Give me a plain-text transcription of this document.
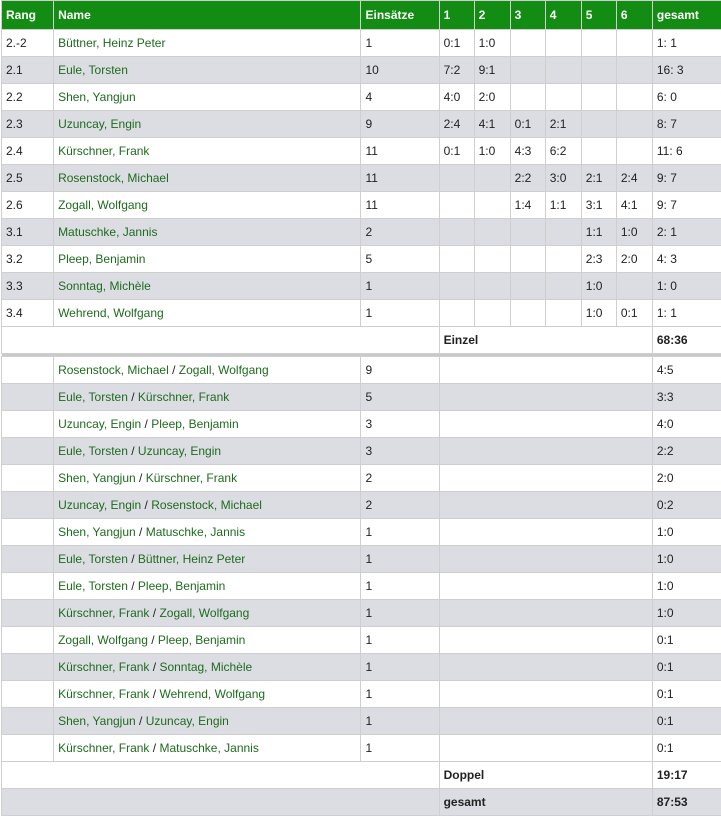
Rang	Name	Einsätze	1	2	3	4	5	6	gesamt
2.-2	Büttner, Heinz Peter	1	0:1	1:0					1: 1
2.1	Eule, Torsten	10	7:2	9:1					16: 3
2.2	Shen, Yangjun	4	4:0	2:0					6: 0
2.3	Uzuncay, Engin	9	2:4	4:1	0:1	2:1			8: 7
2.4	Kürschner, Frank	11	0:1	1:0	4:3	6:2			11: 6
2.5	Rosenstock, Michael	11			2:2	3:0	2:1	2:4	9: 7
2.6	Zogall, Wolfgang	11			1:4	1:1	3:1	4:1	9: 7
3.1	Matuschke, Jannis	2					1:1	1:0	2: 1
3.2	Pleep, Benjamin	5					2:3	2:0	4: 3
3.3	Sonntag, Michèle	1					1:0		1: 0
3.4	Wehrend, Wolfgang	1					1:0	0:1	1: 1
			Einzel						68:36

	Rosenstock, Michael / Zogall, Wolfgang	9							4:5
	Eule, Torsten / Kürschner, Frank	5							3:3
	Uzuncay, Engin / Pleep, Benjamin	3							4:0
	Eule, Torsten / Uzuncay, Engin	3							2:2
	Shen, Yangjun / Kürschner, Frank	2							2:0
	Uzuncay, Engin / Rosenstock, Michael	2							0:2
	Shen, Yangjun / Matuschke, Jannis	1							1:0
	Eule, Torsten / Büttner, Heinz Peter	1							1:0
	Eule, Torsten / Pleep, Benjamin	1							1:0
	Kürschner, Frank / Zogall, Wolfgang	1							1:0
	Zogall, Wolfgang / Pleep, Benjamin	1							0:1
	Kürschner, Frank / Sonntag, Michèle	1							0:1
	Kürschner, Frank / Wehrend, Wolfgang	1							0:1
	Shen, Yangjun / Uzuncay, Engin	1							0:1
	Kürschner, Frank / Matuschke, Jannis	1							0:1
			Doppel						19:17
			gesamt						87:53
